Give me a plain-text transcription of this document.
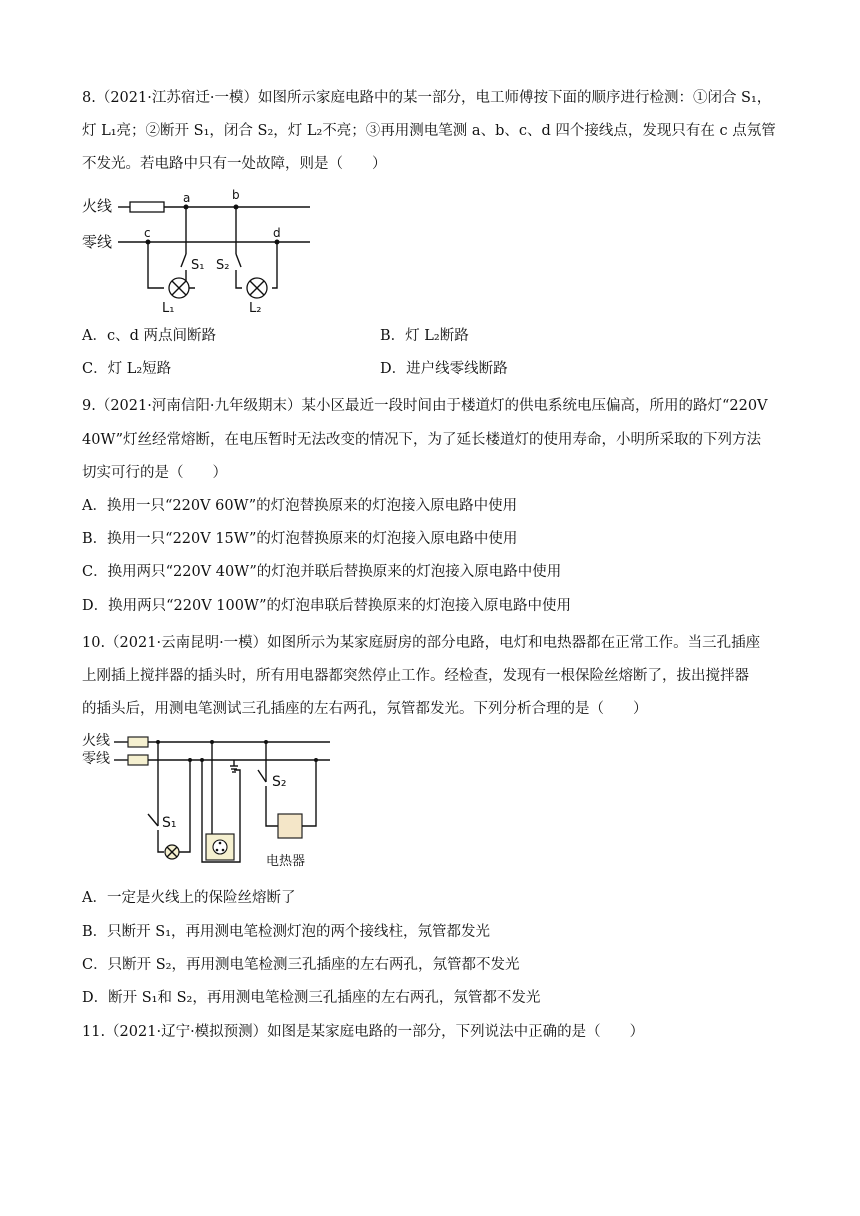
8.（2021·江苏宿迁·一模）如图所示家庭电路中的某一部分，电工师傅按下面的顺序进行检测：①闭合 S₁，
灯 L₁亮；②断开 S₁，闭合 S₂，灯 L₂不亮；③再用测电笔测 a、b、c、d 四个接线点，发现只有在 c 点氖管
不发光。若电路中只有一处故障，则是（　　）
火线
零线
a	b
c	d
S₁
L₁
S₂
L₂
A．c、d 两点间断路	B．灯 L₂断路
C．灯 L₂短路	D．进户线零线断路
9.（2021·河南信阳·九年级期末）某小区最近一段时间由于楼道灯的供电系统电压偏高，所用的路灯“220V
40W”灯丝经常熔断，在电压暂时无法改变的情况下，为了延长楼道灯的使用寿命，小明所采取的下列方法
切实可行的是（　　）
A．换用一只“220V 60W”的灯泡替换原来的灯泡接入原电路中使用
B．换用一只“220V 15W”的灯泡替换原来的灯泡接入原电路中使用
C．换用两只“220V 40W”的灯泡并联后替换原来的灯泡接入原电路中使用
D．换用两只“220V 100W”的灯泡串联后替换原来的灯泡接入原电路中使用
10.（2021·云南昆明·一模）如图所示为某家庭厨房的部分电路，电灯和电热器都在正常工作。当三孔插座
上刚插上搅拌器的插头时，所有用电器都突然停止工作。经检查，发现有一根保险丝熔断了，拔出搅拌器
的插头后，用测电笔测试三孔插座的左右两孔，氖管都发光。下列分析合理的是（　　）
火线
零线
S₁
S₂
电热器
A．一定是火线上的保险丝熔断了
B．只断开 S₁，再用测电笔检测灯泡的两个接线柱，氖管都发光
C．只断开 S₂，再用测电笔检测三孔插座的左右两孔，氖管都不发光
D．断开 S₁和 S₂，再用测电笔检测三孔插座的左右两孔，氖管都不发光
11.（2021·辽宁·模拟预测）如图是某家庭电路的一部分，下列说法中正确的是（　　）
